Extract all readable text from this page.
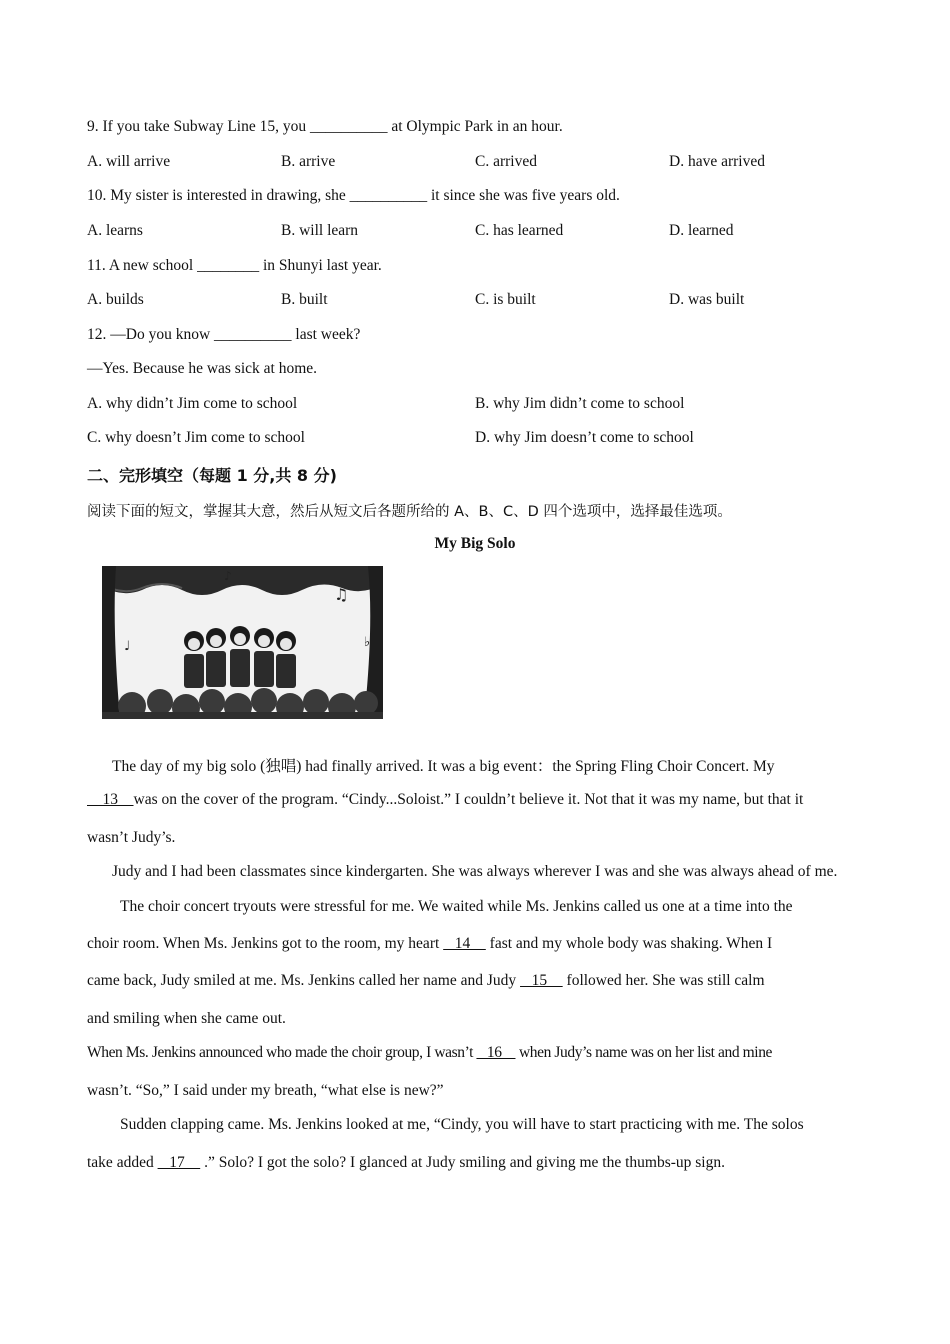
9. If you take Subway Line 15, you __________ at Olympic Park in an hour.
A. will arrive	B. arrive	C. arrived	D. have arrived
10. My sister is interested in drawing, she __________ it since she was five years old.
A. learns	B. will learn	C. has learned	D. learned
11. A new school ________ in Shunyi last year.
A. builds	B. built	C. is built	D. was built
12. —Do you know __________ last week?
—Yes. Because he was sick at home.
A. why didn’t Jim come to school	B. why Jim didn’t come to school
C. why doesn’t Jim come to school	D. why Jim doesn’t come to school
二、完形填空（每题 1 分,共 8 分)
阅读下面的短文，掌握其大意，然后从短文后各题所给的 A、B、C、D 四个选项中，选择最佳选项。
My Big Solo
♪
♫
♩	♭
The day of my big solo (独唱) had finally arrived. It was a big event：the Spring Fling Choir Concert. My
13    was on the cover of the program. “Cindy...Soloist.” I couldn’t believe it. Not that it was my name, but that it
wasn’t Judy’s.
Judy and I had been classmates since kindergarten. She was always wherever I was and she was always ahead of me.
The choir concert tryouts were stressful for me. We waited while Ms. Jenkins called us one at a time into the
choir room. When Ms. Jenkins got to the room, my heart    14     fast and my whole body was shaking. When I
came back, Judy smiled at me. Ms. Jenkins called her name and Judy    15     followed her. She was still calm
and smiling when she came out.
When Ms. Jenkins announced who made the choir group, I wasn’t    16     when Judy’s name was on her list and mine
wasn’t. “So,” I said under my breath, “what else is new?”
Sudden clapping came. Ms. Jenkins looked at me, “Cindy, you will have to start practicing with me. The solos
take added    17     .” Solo? I got the solo? I glanced at Judy smiling and giving me the thumbs-up sign.
